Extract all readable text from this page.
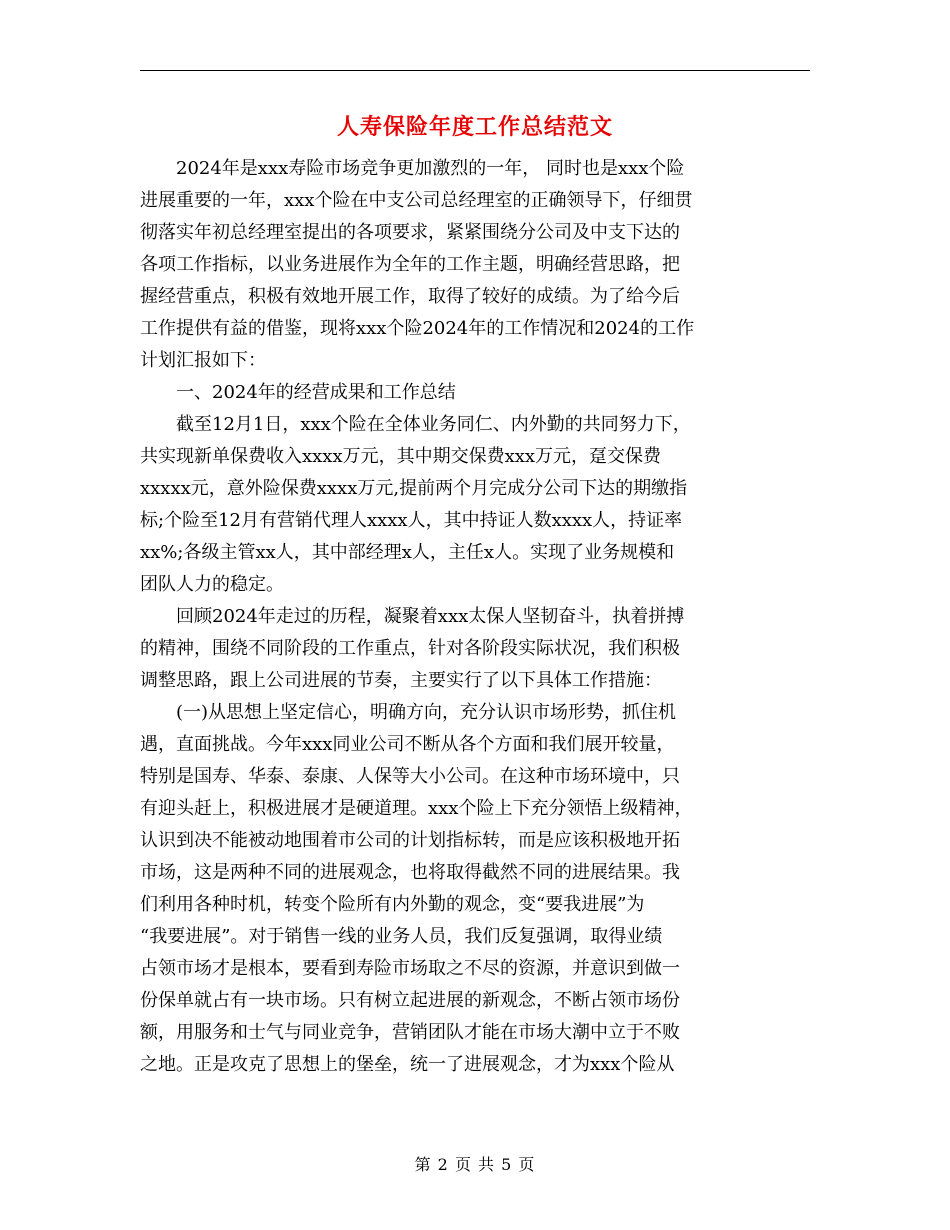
人寿保险年度工作总结范文
2024年是xxx寿险市场竞争更加激烈的一年， 同时也是xxx个险
进展重要的一年，xxx个险在中支公司总经理室的正确领导下，仔细贯
彻落实年初总经理室提出的各项要求，紧紧围绕分公司及中支下达的
各项工作指标，以业务进展作为全年的工作主题，明确经营思路，把
握经营重点，积极有效地开展工作，取得了较好的成绩。为了给今后
工作提供有益的借鉴，现将xxx个险2024年的工作情况和2024的工作
计划汇报如下：
一、2024年的经营成果和工作总结
截至12月1日，xxx个险在全体业务同仁、内外勤的共同努力下，
共实现新单保费收入xxxx万元，其中期交保费xxx万元，趸交保费
xxxxx元，意外险保费xxxx万元,提前两个月完成分公司下达的期缴指
标;个险至12月有营销代理人xxxx人，其中持证人数xxxx人，持证率
xx%;各级主管xx人，其中部经理x人，主任x人。实现了业务规模和
团队人力的稳定。
回顾2024年走过的历程，凝聚着xxx太保人坚韧奋斗，执着拼搏
的精神，围绕不同阶段的工作重点，针对各阶段实际状况，我们积极
调整思路，跟上公司进展的节奏，主要实行了以下具体工作措施：
(一)从思想上坚定信心，明确方向，充分认识市场形势，抓住机
遇，直面挑战。今年xxx同业公司不断从各个方面和我们展开较量，
特别是国寿、华泰、泰康、人保等大小公司。在这种市场环境中，只
有迎头赶上，积极进展才是硬道理。xxx个险上下充分领悟上级精神，
认识到决不能被动地围着市公司的计划指标转，而是应该积极地开拓
市场，这是两种不同的进展观念，也将取得截然不同的进展结果。我
们利用各种时机，转变个险所有内外勤的观念，变“要我进展”为
“我要进展”。对于销售一线的业务人员，我们反复强调，取得业绩
占领市场才是根本，要看到寿险市场取之不尽的资源，并意识到做一
份保单就占有一块市场。只有树立起进展的新观念，不断占领市场份
额，用服务和士气与同业竞争，营销团队才能在市场大潮中立于不败
之地。正是攻克了思想上的堡垒，统一了进展观念，才为xxx个险从
第 2 页 共 5 页
